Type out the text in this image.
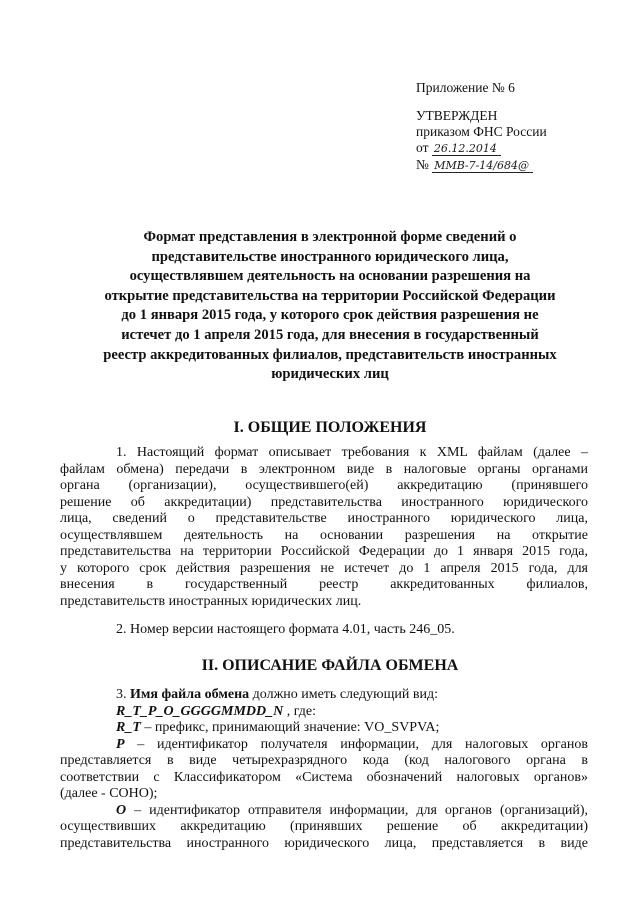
Приложение № 6
УТВЕРЖДЕН
приказом ФНС России
от 26.12.2014
№ ММВ-7-14/684@
Формат представления в электронной форме сведений о
представительстве иностранного юридического лица,
осуществлявшем деятельность на основании разрешения на
открытие представительства на территории Российской Федерации
до 1 января 2015 года, у которого срок действия разрешения не
истечет до 1 апреля 2015 года, для внесения в государственный
реестр аккредитованных филиалов, представительств иностранных
юридических лиц
I. ОБЩИЕ ПОЛОЖЕНИЯ
1. Настоящий формат описывает требования к XML файлам (далее –
файлам обмена) передачи в электронном виде в налоговые органы органами
органа (организации), осуществившего(ей) аккредитацию (принявшего
решение об аккредитации) представительства иностранного юридического
лица, сведений о представительстве иностранного юридического лица,
осуществлявшем деятельность на основании разрешения на открытие
представительства на территории Российской Федерации до 1 января 2015 года,
у которого срок действия разрешения не истечет до 1 апреля 2015 года, для
внесения в государственный реестр аккредитованных филиалов,
представительств иностранных юридических лиц.
2. Номер версии настоящего формата 4.01, часть 246_05.
II. ОПИСАНИЕ ФАЙЛА ОБМЕНА
3. Имя файла обмена должно иметь следующий вид:
R_T_P_O_GGGGMMDD_N , где:
R_T – префикс, принимающий значение: VO_SVPVA;
P – идентификатор получателя информации, для налоговых органов
представляется в виде четырехразрядного кода (код налогового органа в
соответствии с Классификатором «Система обозначений налоговых органов»
(далее - СОНО);
O – идентификатор отправителя информации, для органов (организаций),
осуществивших аккредитацию (принявших решение об аккредитации)
представительства иностранного юридического лица, представляется в виде
